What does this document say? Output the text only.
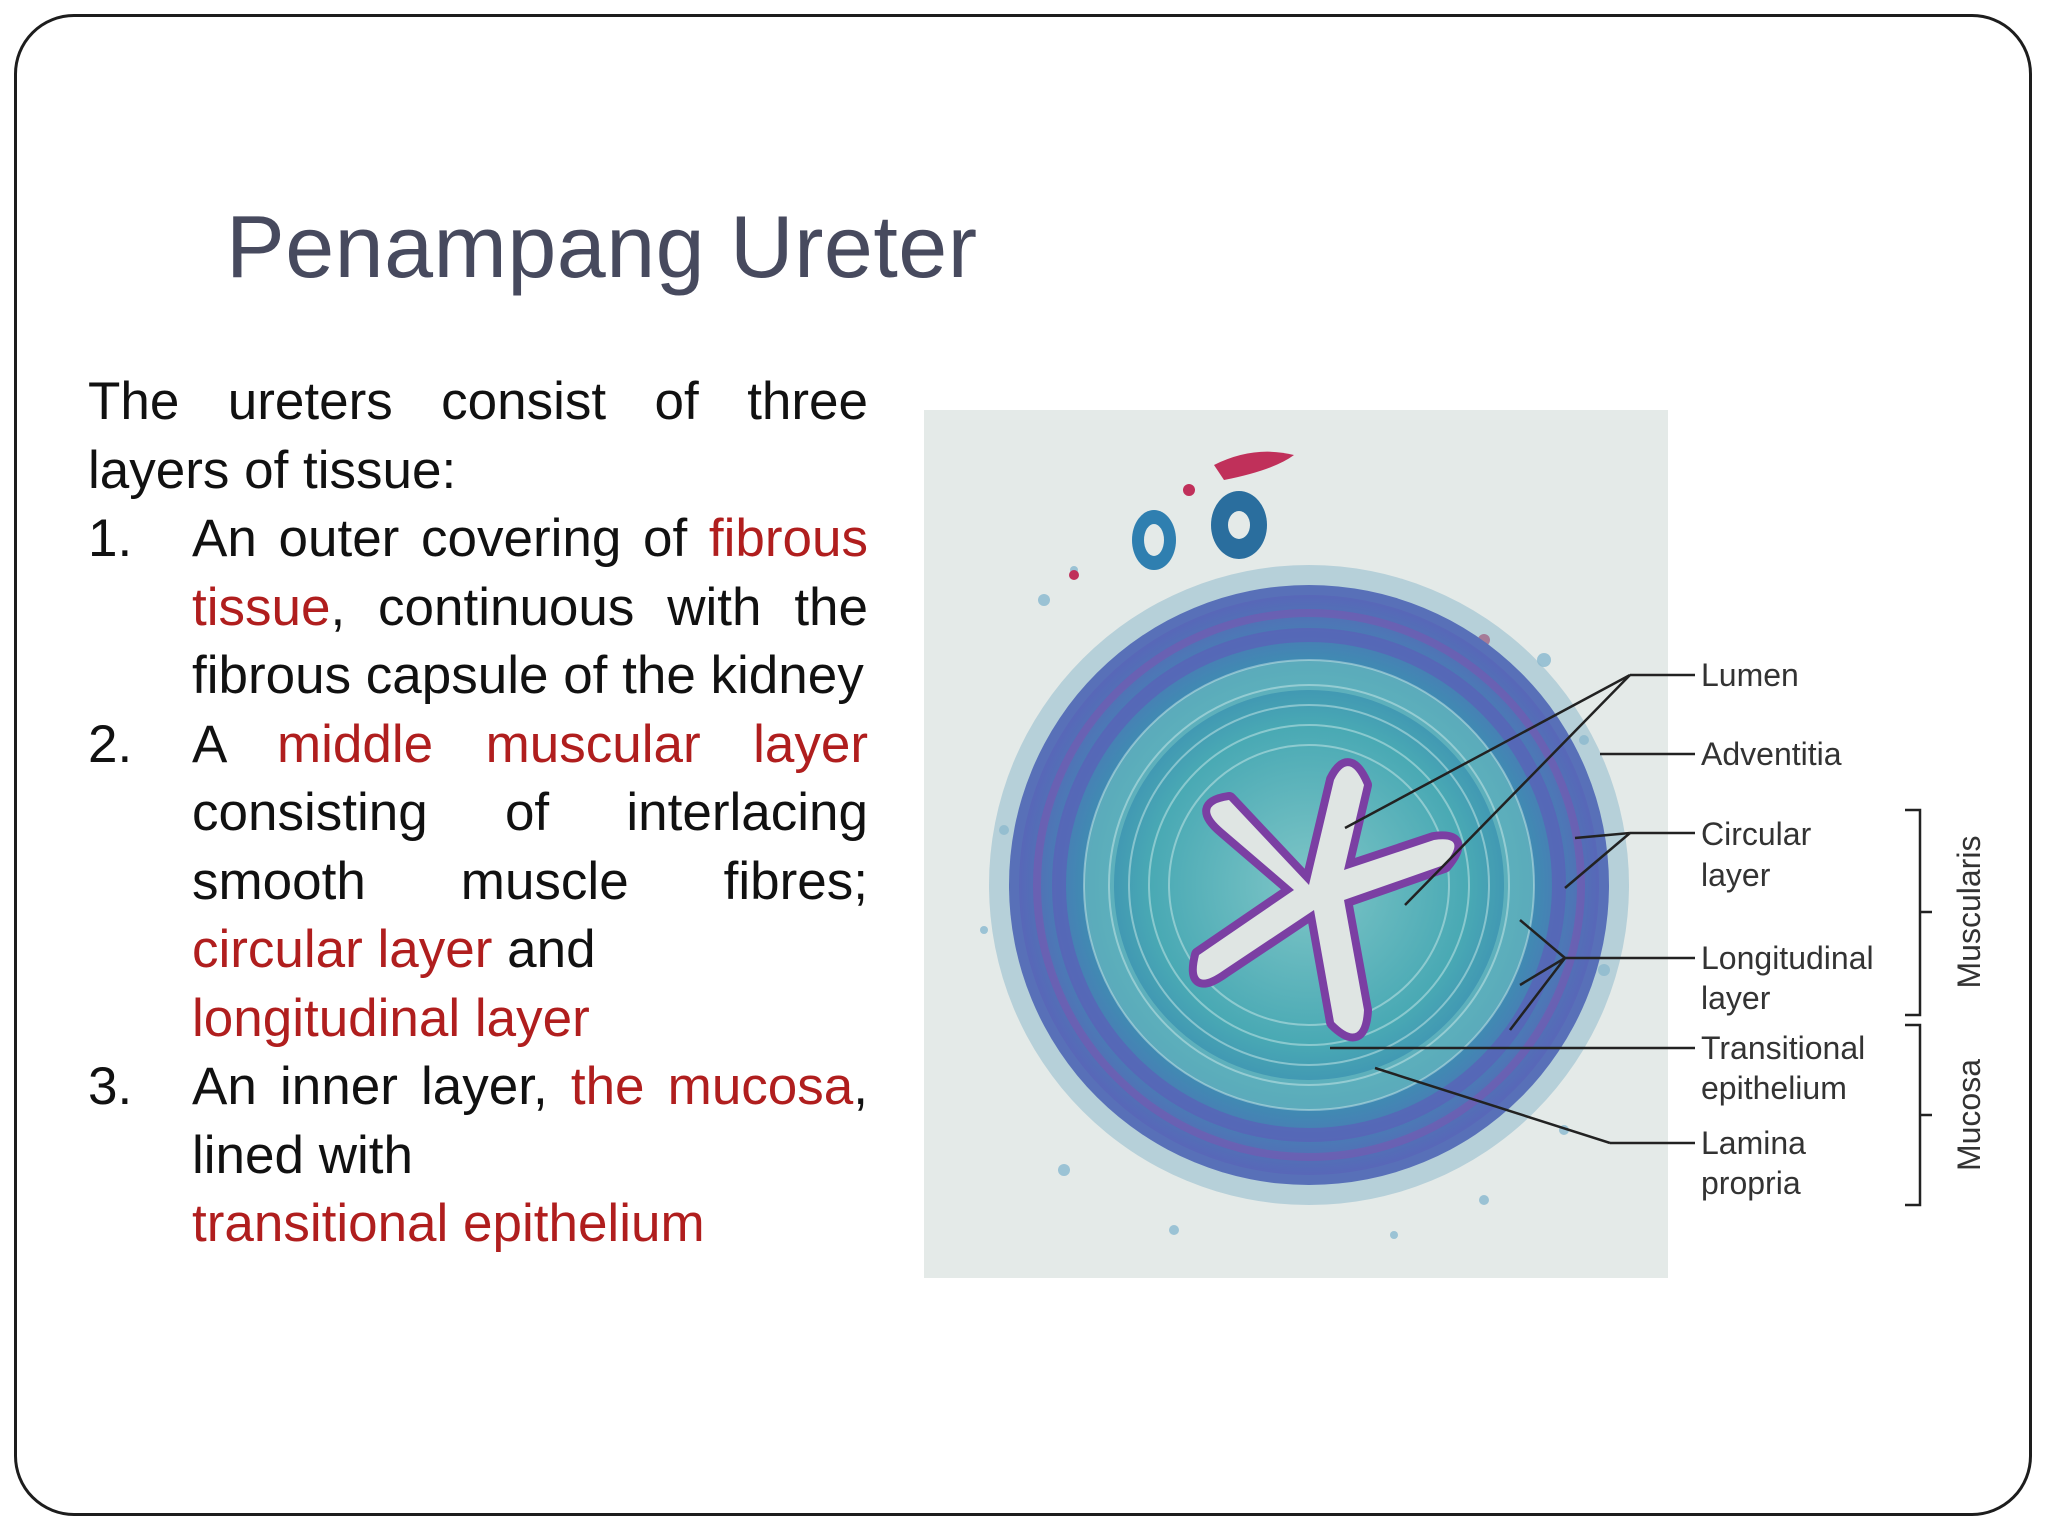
Penampang Ureter
The ureters consist of three layers of tissue:
1. An outer covering of fibrous tissue, continuous with the fibrous capsule of the kidney
2. A middle muscular layer consisting of interlacing smooth muscle fibres; circular layer and
longitudinal layer
3. An inner layer, the mucosa, lined with
transitional epithelium
Lumen
Adventitia
Circular
layer
Longitudinal
layer
Transitional
epithelium
Lamina
propria
Muscularis
Mucosa
